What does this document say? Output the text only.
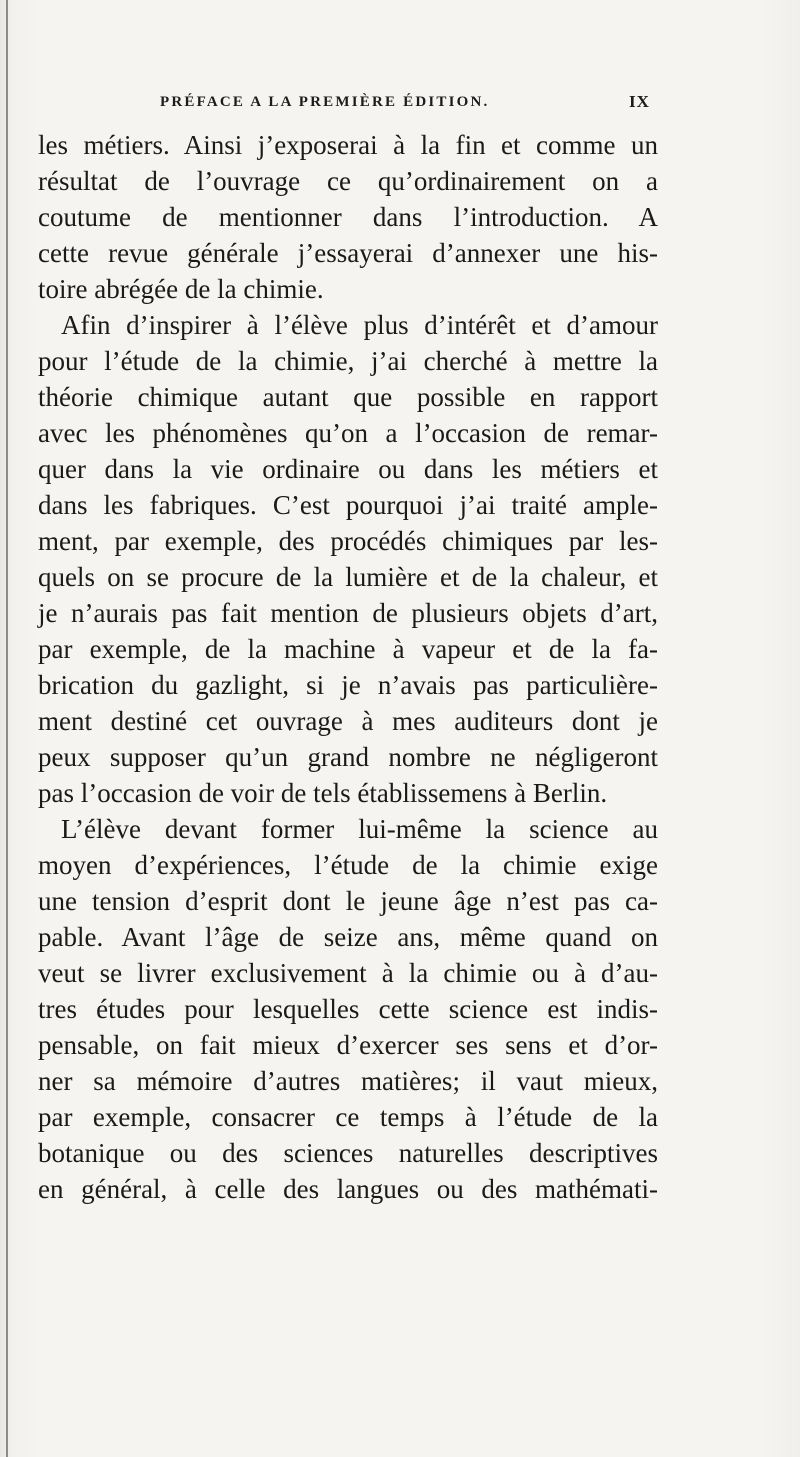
PRÉFACE A LA PREMIÈRE ÉDITION.	IX
les métiers. Ainsi j’exposerai à la fin et comme un
résultat de l’ouvrage ce qu’ordinairement on a
coutume de mentionner dans l’introduction. A
cette revue générale j’essayerai d’annexer une his-
toire abrégée de la chimie.
Afin d’inspirer à l’élève plus d’intérêt et d’amour
pour l’étude de la chimie, j’ai cherché à mettre la
théorie chimique autant que possible en rapport
avec les phénomènes qu’on a l’occasion de remar-
quer dans la vie ordinaire ou dans les métiers et
dans les fabriques. C’est pourquoi j’ai traité ample-
ment, par exemple, des procédés chimiques par les-
quels on se procure de la lumière et de la chaleur, et
je n’aurais pas fait mention de plusieurs objets d’art,
par exemple, de la machine à vapeur et de la fa-
brication du gazlight, si je n’avais pas particulière-
ment destiné cet ouvrage à mes auditeurs dont je
peux supposer qu’un grand nombre ne négligeront
pas l’occasion de voir de tels établissemens à Berlin.
L’élève devant former lui-même la science au
moyen d’expériences, l’étude de la chimie exige
une tension d’esprit dont le jeune âge n’est pas ca-
pable. Avant l’âge de seize ans, même quand on
veut se livrer exclusivement à la chimie ou à d’au-
tres études pour lesquelles cette science est indis-
pensable, on fait mieux d’exercer ses sens et d’or-
ner sa mémoire d’autres matières; il vaut mieux,
par exemple, consacrer ce temps à l’étude de la
botanique ou des sciences naturelles descriptives
en général, à celle des langues ou des mathémati-
